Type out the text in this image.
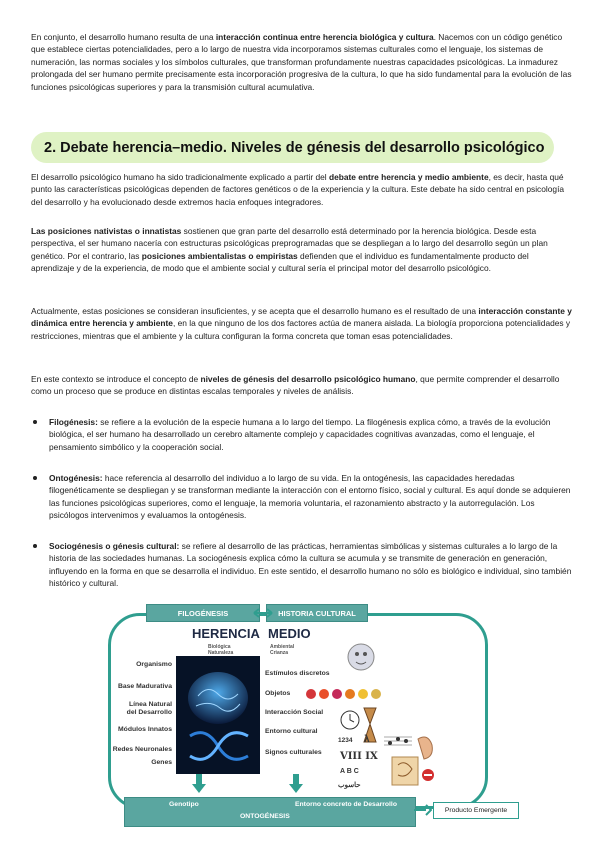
En conjunto, el desarrollo humano resulta de una interacción continua entre herencia biológica y cultura. Nacemos con un código genético que establece ciertas potencialidades, pero a lo largo de nuestra vida incorporamos sistemas culturales como el lenguaje, los sistemas de numeración, las normas sociales y los símbolos culturales, que transforman profundamente nuestras capacidades psicológicas. La inmadurez prolongada del ser humano permite precisamente esta incorporación progresiva de la cultura, lo que ha sido fundamental para la evolución de las funciones psicológicas superiores y para la transmisión cultural acumulativa.

2. Debate herencia–medio. Niveles de génesis del desarrollo psicológico

El desarrollo psicológico humano ha sido tradicionalmente explicado a partir del debate entre herencia y medio ambiente, es decir, hasta qué punto las características psicológicas dependen de factores genéticos o de la experiencia y la cultura. Este debate ha sido central en psicología del desarrollo y ha evolucionado desde extremos hacia enfoques integradores.

Las posiciones nativistas o innatistas sostienen que gran parte del desarrollo está determinado por la herencia biológica. Desde esta perspectiva, el ser humano nacería con estructuras psicológicas preprogramadas que se despliegan a lo largo del desarrollo según un plan genético. Por el contrario, las posiciones ambientalistas o empiristas defienden que el individuo es fundamentalmente producto del aprendizaje y de la experiencia, de modo que el ambiente social y cultural sería el principal motor del desarrollo psicológico.

Actualmente, estas posiciones se consideran insuficientes, y se acepta que el desarrollo humano es el resultado de una interacción constante y dinámica entre herencia y ambiente, en la que ninguno de los dos factores actúa de manera aislada. La biología proporciona potencialidades y restricciones, mientras que el ambiente y la cultura configuran la forma concreta que toman esas potencialidades.

En este contexto se introduce el concepto de niveles de génesis del desarrollo psicológico humano, que permite comprender el desarrollo como un proceso que se produce en distintas escalas temporales y niveles de análisis.

Filogénesis: se refiere a la evolución de la especie humana a lo largo del tiempo. La filogénesis explica cómo, a través de la evolución biológica, el ser humano ha desarrollado un cerebro altamente complejo y capacidades cognitivas avanzadas, como el lenguaje, el pensamiento simbólico y la cooperación social.
Ontogénesis: hace referencia al desarrollo del individuo a lo largo de su vida. En la ontogénesis, las capacidades heredadas filogenéticamente se despliegan y se transforman mediante la interacción con el entorno físico, social y cultural. Es aquí donde se adquieren las funciones psicológicas superiores, como el lenguaje, la memoria voluntaria, el razonamiento abstracto y la autorregulación. Los psicólogos intervenimos y evaluamos la ontogénesis.
Sociogénesis o génesis cultural: se refiere al desarrollo de las prácticas, herramientas simbólicas y sistemas culturales a lo largo de la historia de las sociedades humanas. La sociogénesis explica cómo la cultura se acumula y se transmite de generación en generación, influyendo en la forma en que se desarrolla el individuo. En este sentido, el desarrollo humano no sólo es biológico e individual, sino también histórico y cultural.
FILOGÉNESIS	HISTORIA CULTURAL
HERENCIA
Biológica
Naturaleza
MEDIO
Ambiental
Crianza
Organismo
Base Madurativa
Línea Natural
del Desarrollo
Módulos Innatos
Redes Neuronales
Genes
Estímulos discretos
Objetos
Interacción Social
Entorno cultural
Signos culturales
1234 λ
VIII IX
A B C
حاسوب
Genotipo	Entorno concreto de Desarrollo
ONTOGÉNESIS
Producto Emergente
